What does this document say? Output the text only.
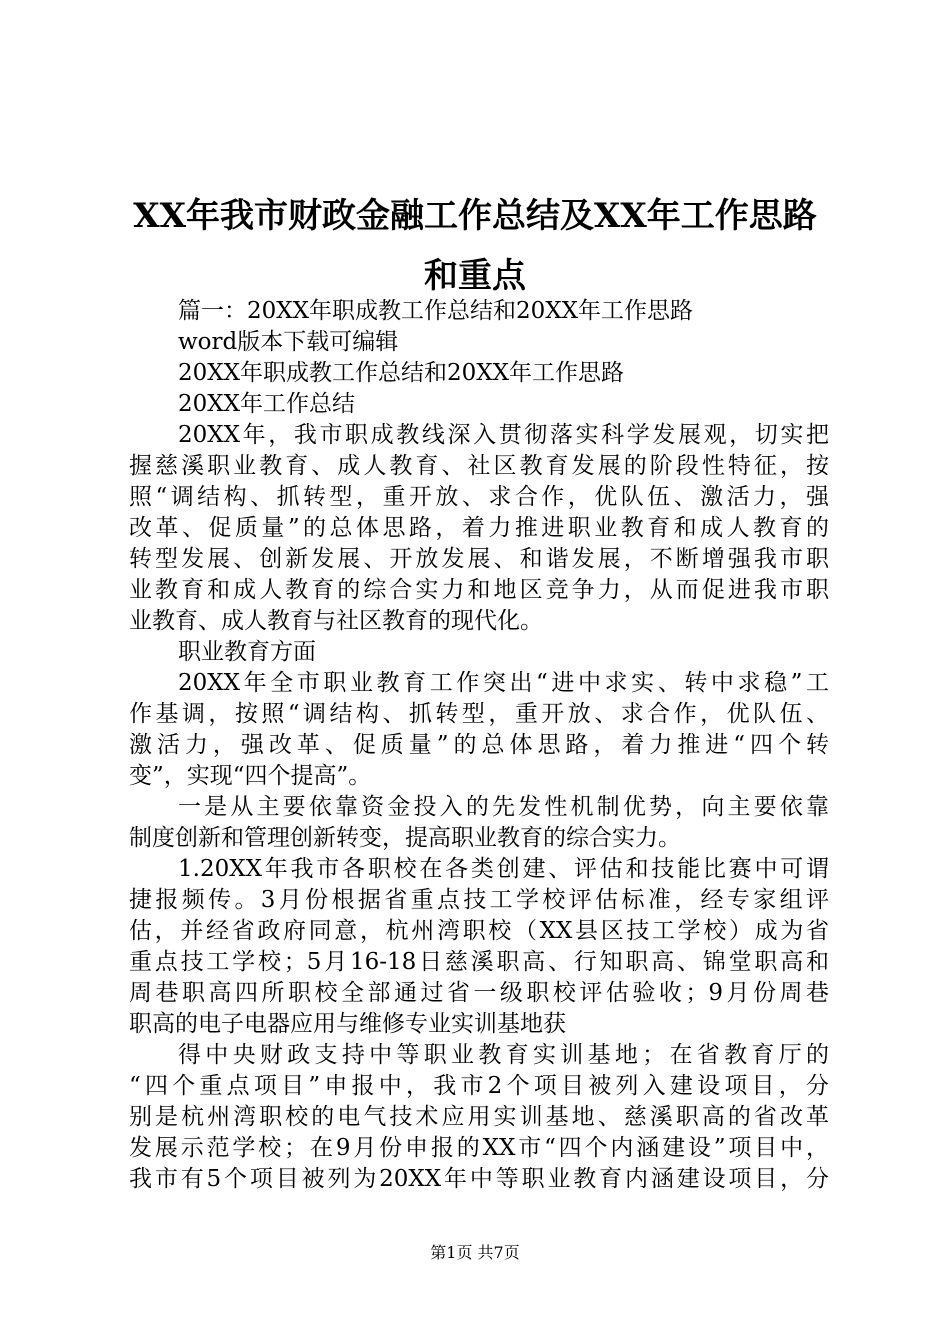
XX年我市财政金融工作总结及XX年工作思路
和重点
篇一：20XX年职成教工作总结和20XX年工作思路
word版本下载可编辑
20XX年职成教工作总结和20XX年工作思路
20XX年工作总结
20XX年，我市职成教线深入贯彻落实科学发展观，切实把
握慈溪职业教育、成人教育、社区教育发展的阶段性特征，按
照“调结构、抓转型，重开放、求合作，优队伍、激活力，强
改革、促质量”的总体思路，着力推进职业教育和成人教育的
转型发展、创新发展、开放发展、和谐发展，不断增强我市职
业教育和成人教育的综合实力和地区竞争力，从而促进我市职
业教育、成人教育与社区教育的现代化。
职业教育方面
20XX年全市职业教育工作突出“进中求实、转中求稳”工
作基调，按照“调结构、抓转型，重开放、求合作，优队伍、
激活力，强改革、促质量”的总体思路，着力推进“四个转
变”，实现“四个提高”。
一是从主要依靠资金投入的先发性机制优势，向主要依靠
制度创新和管理创新转变，提高职业教育的综合实力。
1.20XX年我市各职校在各类创建、评估和技能比赛中可谓
捷报频传。3月份根据省重点技工学校评估标准，经专家组评
估，并经省政府同意，杭州湾职校（XX县区技工学校）成为省
重点技工学校；5月16-18日慈溪职高、行知职高、锦堂职高和
周巷职高四所职校全部通过省一级职校评估验收；9月份周巷
职高的电子电器应用与维修专业实训基地获
得中央财政支持中等职业教育实训基地；在省教育厅的
“四个重点项目”申报中，我市2个项目被列入建设项目，分
别是杭州湾职校的电气技术应用实训基地、慈溪职高的省改革
发展示范学校；在9月份申报的XX市“四个内涵建设”项目中，
我市有5个项目被列为20XX年中等职业教育内涵建设项目，分
第1页 共7页
